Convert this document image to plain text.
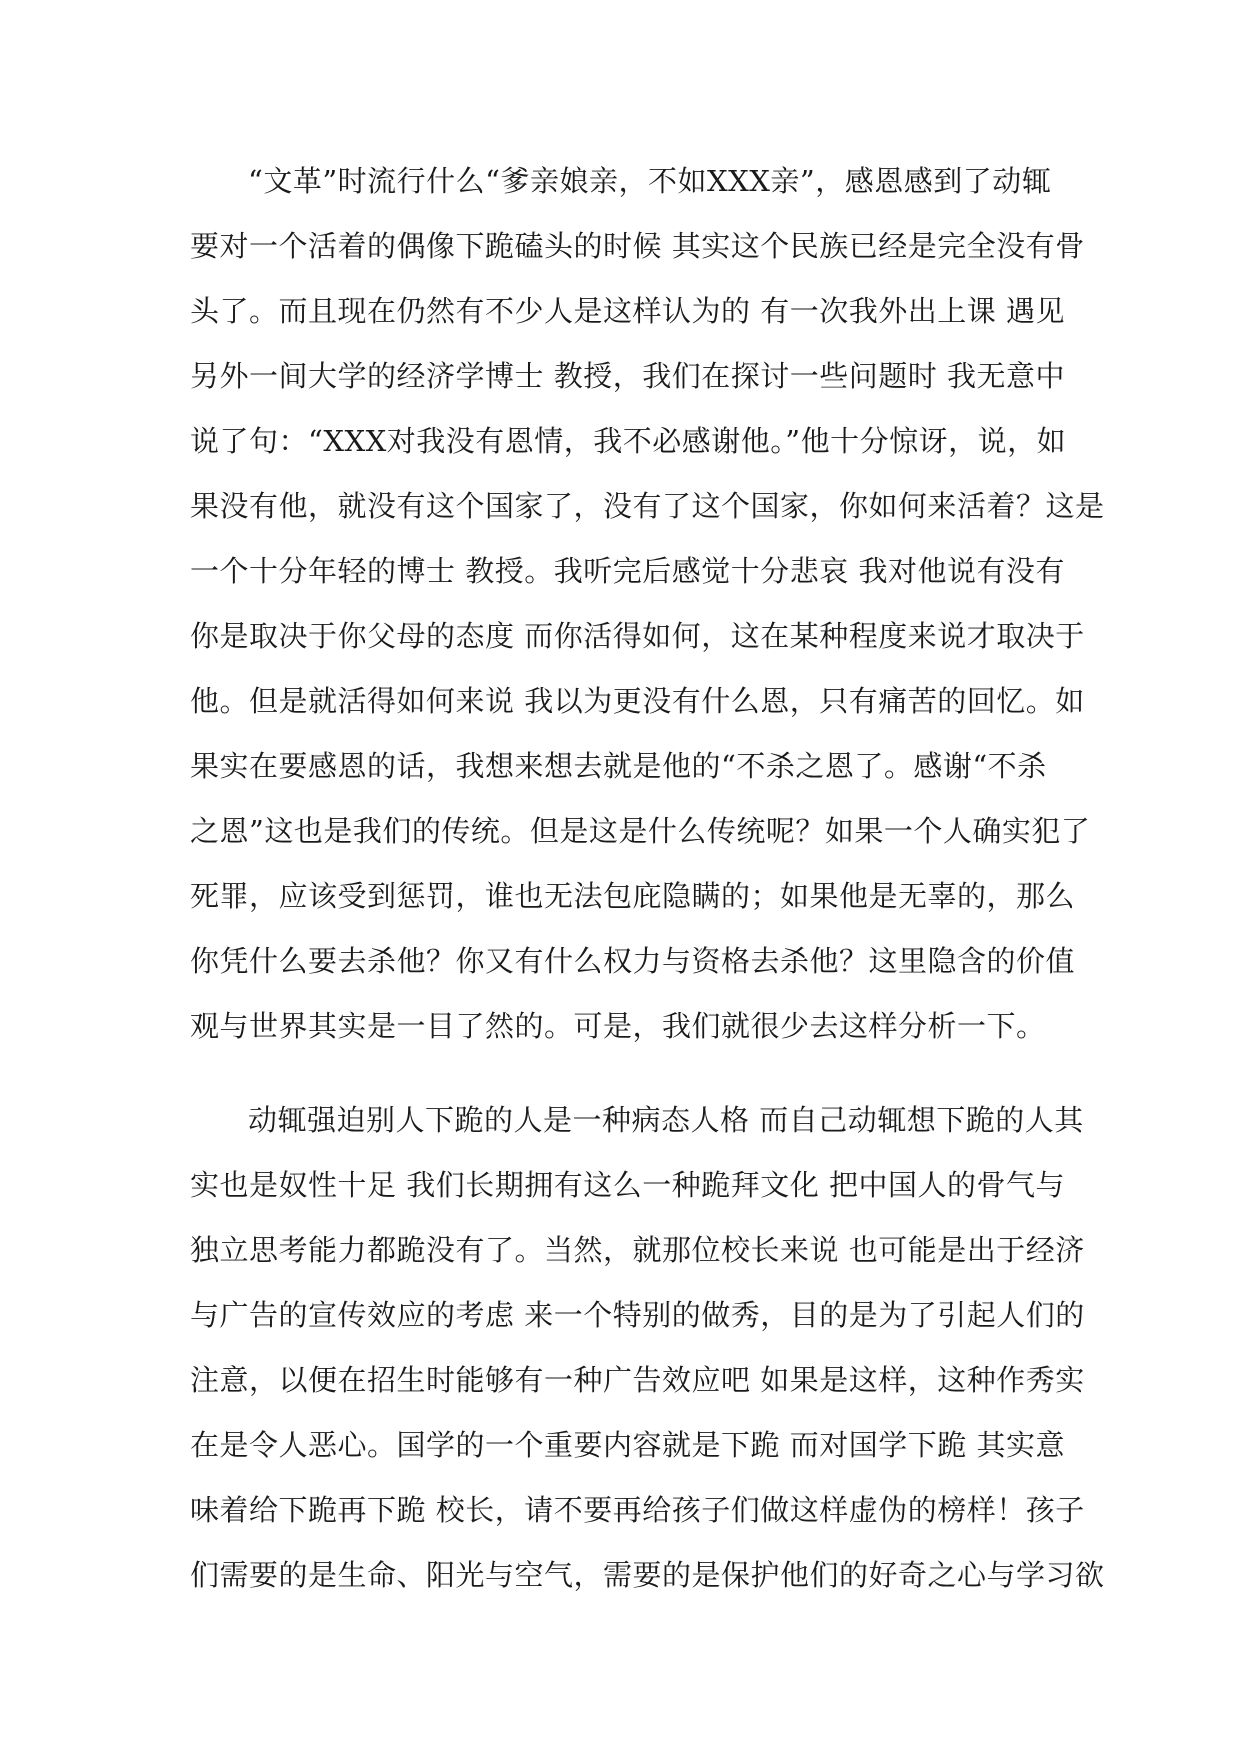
“文革”时流行什么“爹亲娘亲，不如XXX亲”，感恩感到了动辄
要对一个活着的偶像下跪磕头的时候 其实这个民族已经是完全没有骨
头了。而且现在仍然有不少人是这样认为的 有一次我外出上课 遇见
另外一间大学的经济学博士 教授，我们在探讨一些问题时 我无意中
说了句：“XXX对我没有恩情，我不必感谢他。”他十分惊讶，说，如
果没有他，就没有这个国家了，没有了这个国家，你如何来活着？这是
一个十分年轻的博士 教授。我听完后感觉十分悲哀 我对他说有没有
你是取决于你父母的态度 而你活得如何，这在某种程度来说才取决于
他。但是就活得如何来说 我以为更没有什么恩，只有痛苦的回忆。如
果实在要感恩的话，我想来想去就是他的“不杀之恩了。感谢“不杀
之恩”这也是我们的传统。但是这是什么传统呢？如果一个人确实犯了
死罪，应该受到惩罚，谁也无法包庇隐瞒的；如果他是无辜的，那么
你凭什么要去杀他？你又有什么权力与资格去杀他？这里隐含的价值
观与世界其实是一目了然的。可是，我们就很少去这样分析一下。
动辄强迫别人下跪的人是一种病态人格 而自己动辄想下跪的人其
实也是奴性十足 我们长期拥有这么一种跪拜文化 把中国人的骨气与
独立思考能力都跪没有了。当然，就那位校长来说 也可能是出于经济
与广告的宣传效应的考虑 来一个特别的做秀，目的是为了引起人们的
注意，以便在招生时能够有一种广告效应吧 如果是这样，这种作秀实
在是令人恶心。国学的一个重要内容就是下跪 而对国学下跪 其实意
味着给下跪再下跪 校长，请不要再给孩子们做这样虚伪的榜样！孩子
们需要的是生命、阳光与空气，需要的是保护他们的好奇之心与学习欲
